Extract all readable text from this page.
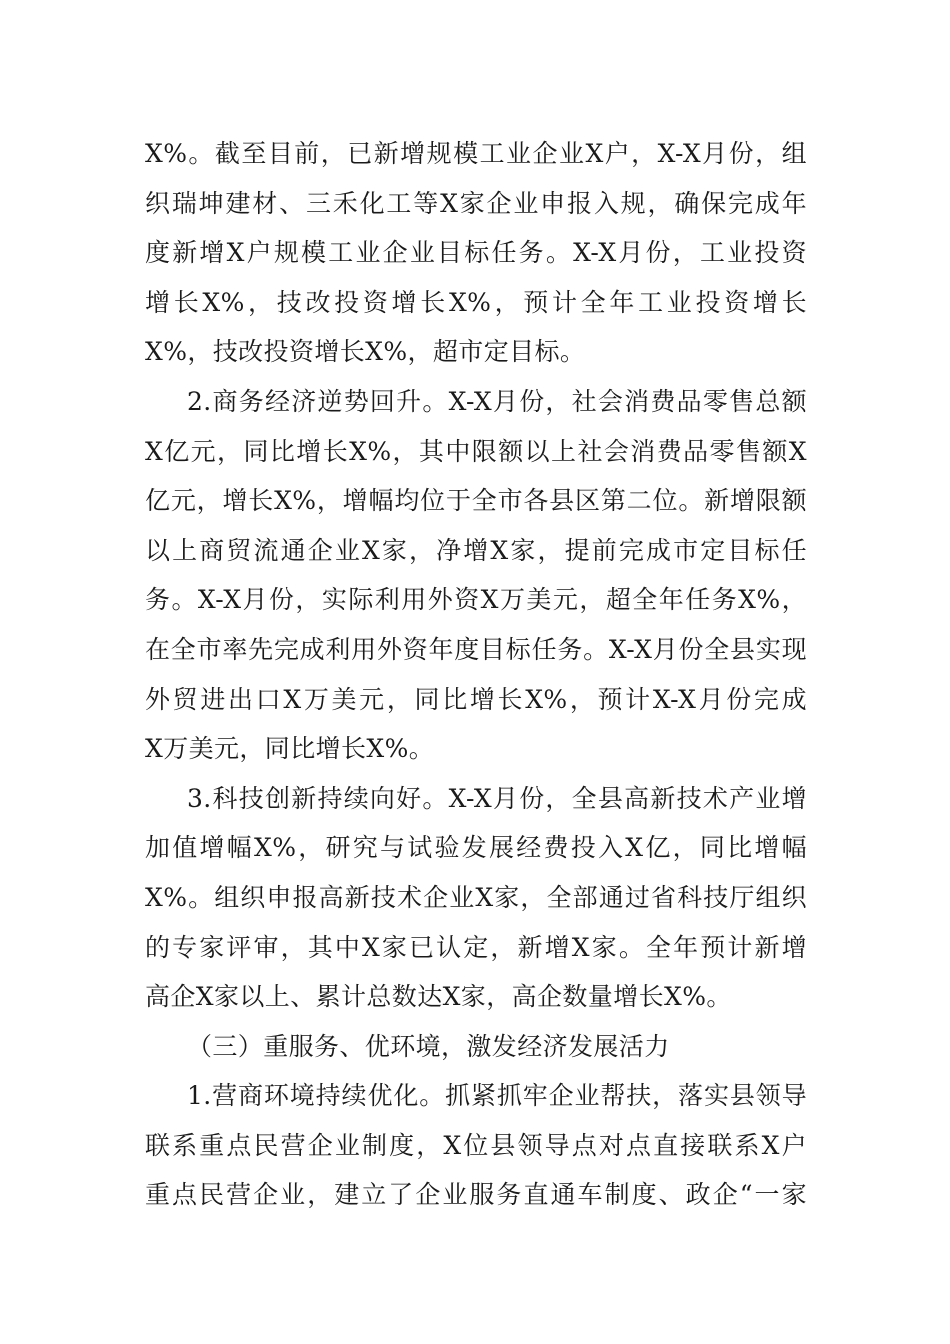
X%。截至目前，已新增规模工业企业X户，X-X月份，组
织瑞坤建材、三禾化工等X家企业申报入规，确保完成年
度新增X户规模工业企业目标任务。X-X月份，工业投资
增长X%，技改投资增长X%，预计全年工业投资增长
X%，技改投资增长X%，超市定目标。
2.商务经济逆势回升。X-X月份，社会消费品零售总额
X亿元，同比增长X%，其中限额以上社会消费品零售额X
亿元，增长X%，增幅均位于全市各县区第二位。新增限额
以上商贸流通企业X家，净增X家，提前完成市定目标任
务。X-X月份，实际利用外资X万美元，超全年任务X%，
在全市率先完成利用外资年度目标任务。X-X月份全县实现
外贸进出口X万美元，同比增长X%，预计X-X月份完成
X万美元，同比增长X%。
3.科技创新持续向好。X-X月份，全县高新技术产业增
加值增幅X%，研究与试验发展经费投入X亿，同比增幅
X%。组织申报高新技术企业X家，全部通过省科技厅组织
的专家评审，其中X家已认定，新增X家。全年预计新增
高企X家以上、累计总数达X家，高企数量增长X%。
（三）重服务、优环境，激发经济发展活力
1.营商环境持续优化。抓紧抓牢企业帮扶，落实县领导
联系重点民营企业制度，X位县领导点对点直接联系X户
重点民营企业，建立了企业服务直通车制度、政企“一家
